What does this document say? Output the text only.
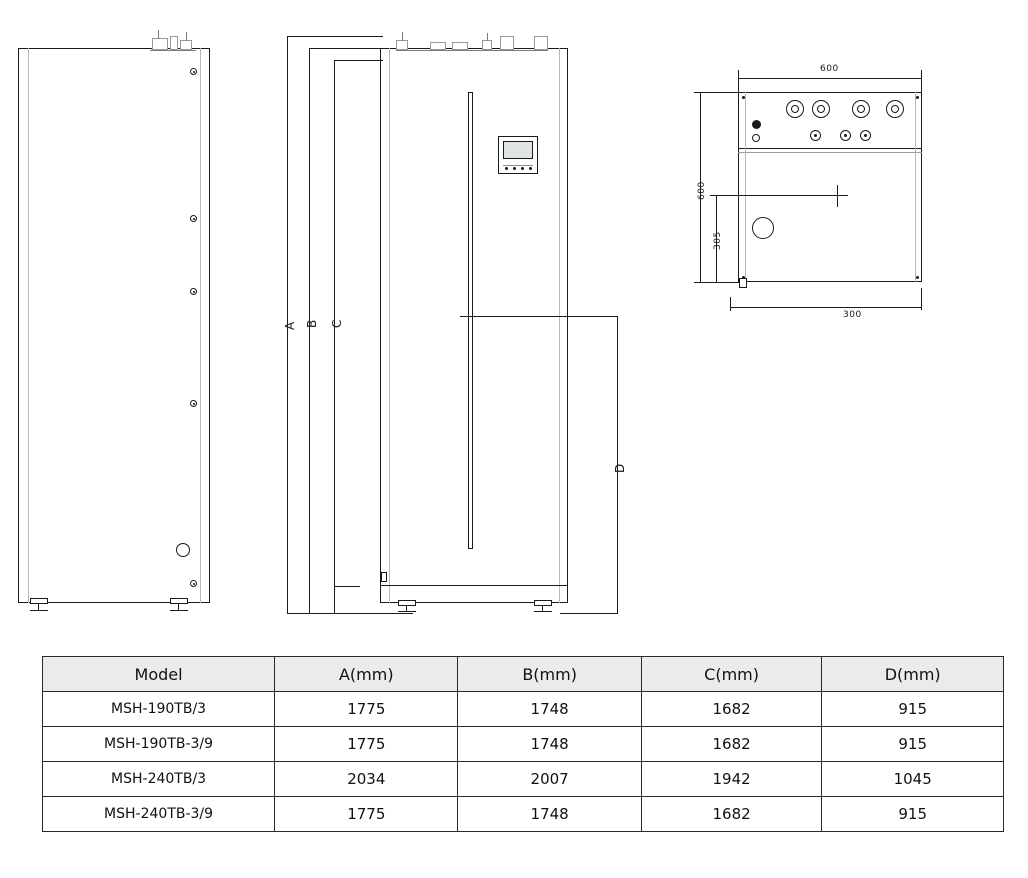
A B C
D
600
600
305
300
Model	A(mm)	B(mm)	C(mm)	D(mm)
MSH-190TB/3	1775	1748	1682	915
MSH-190TB-3/9	1775	1748	1682	915
MSH-240TB/3	2034	2007	1942	1045
MSH-240TB-3/9	1775	1748	1682	915
